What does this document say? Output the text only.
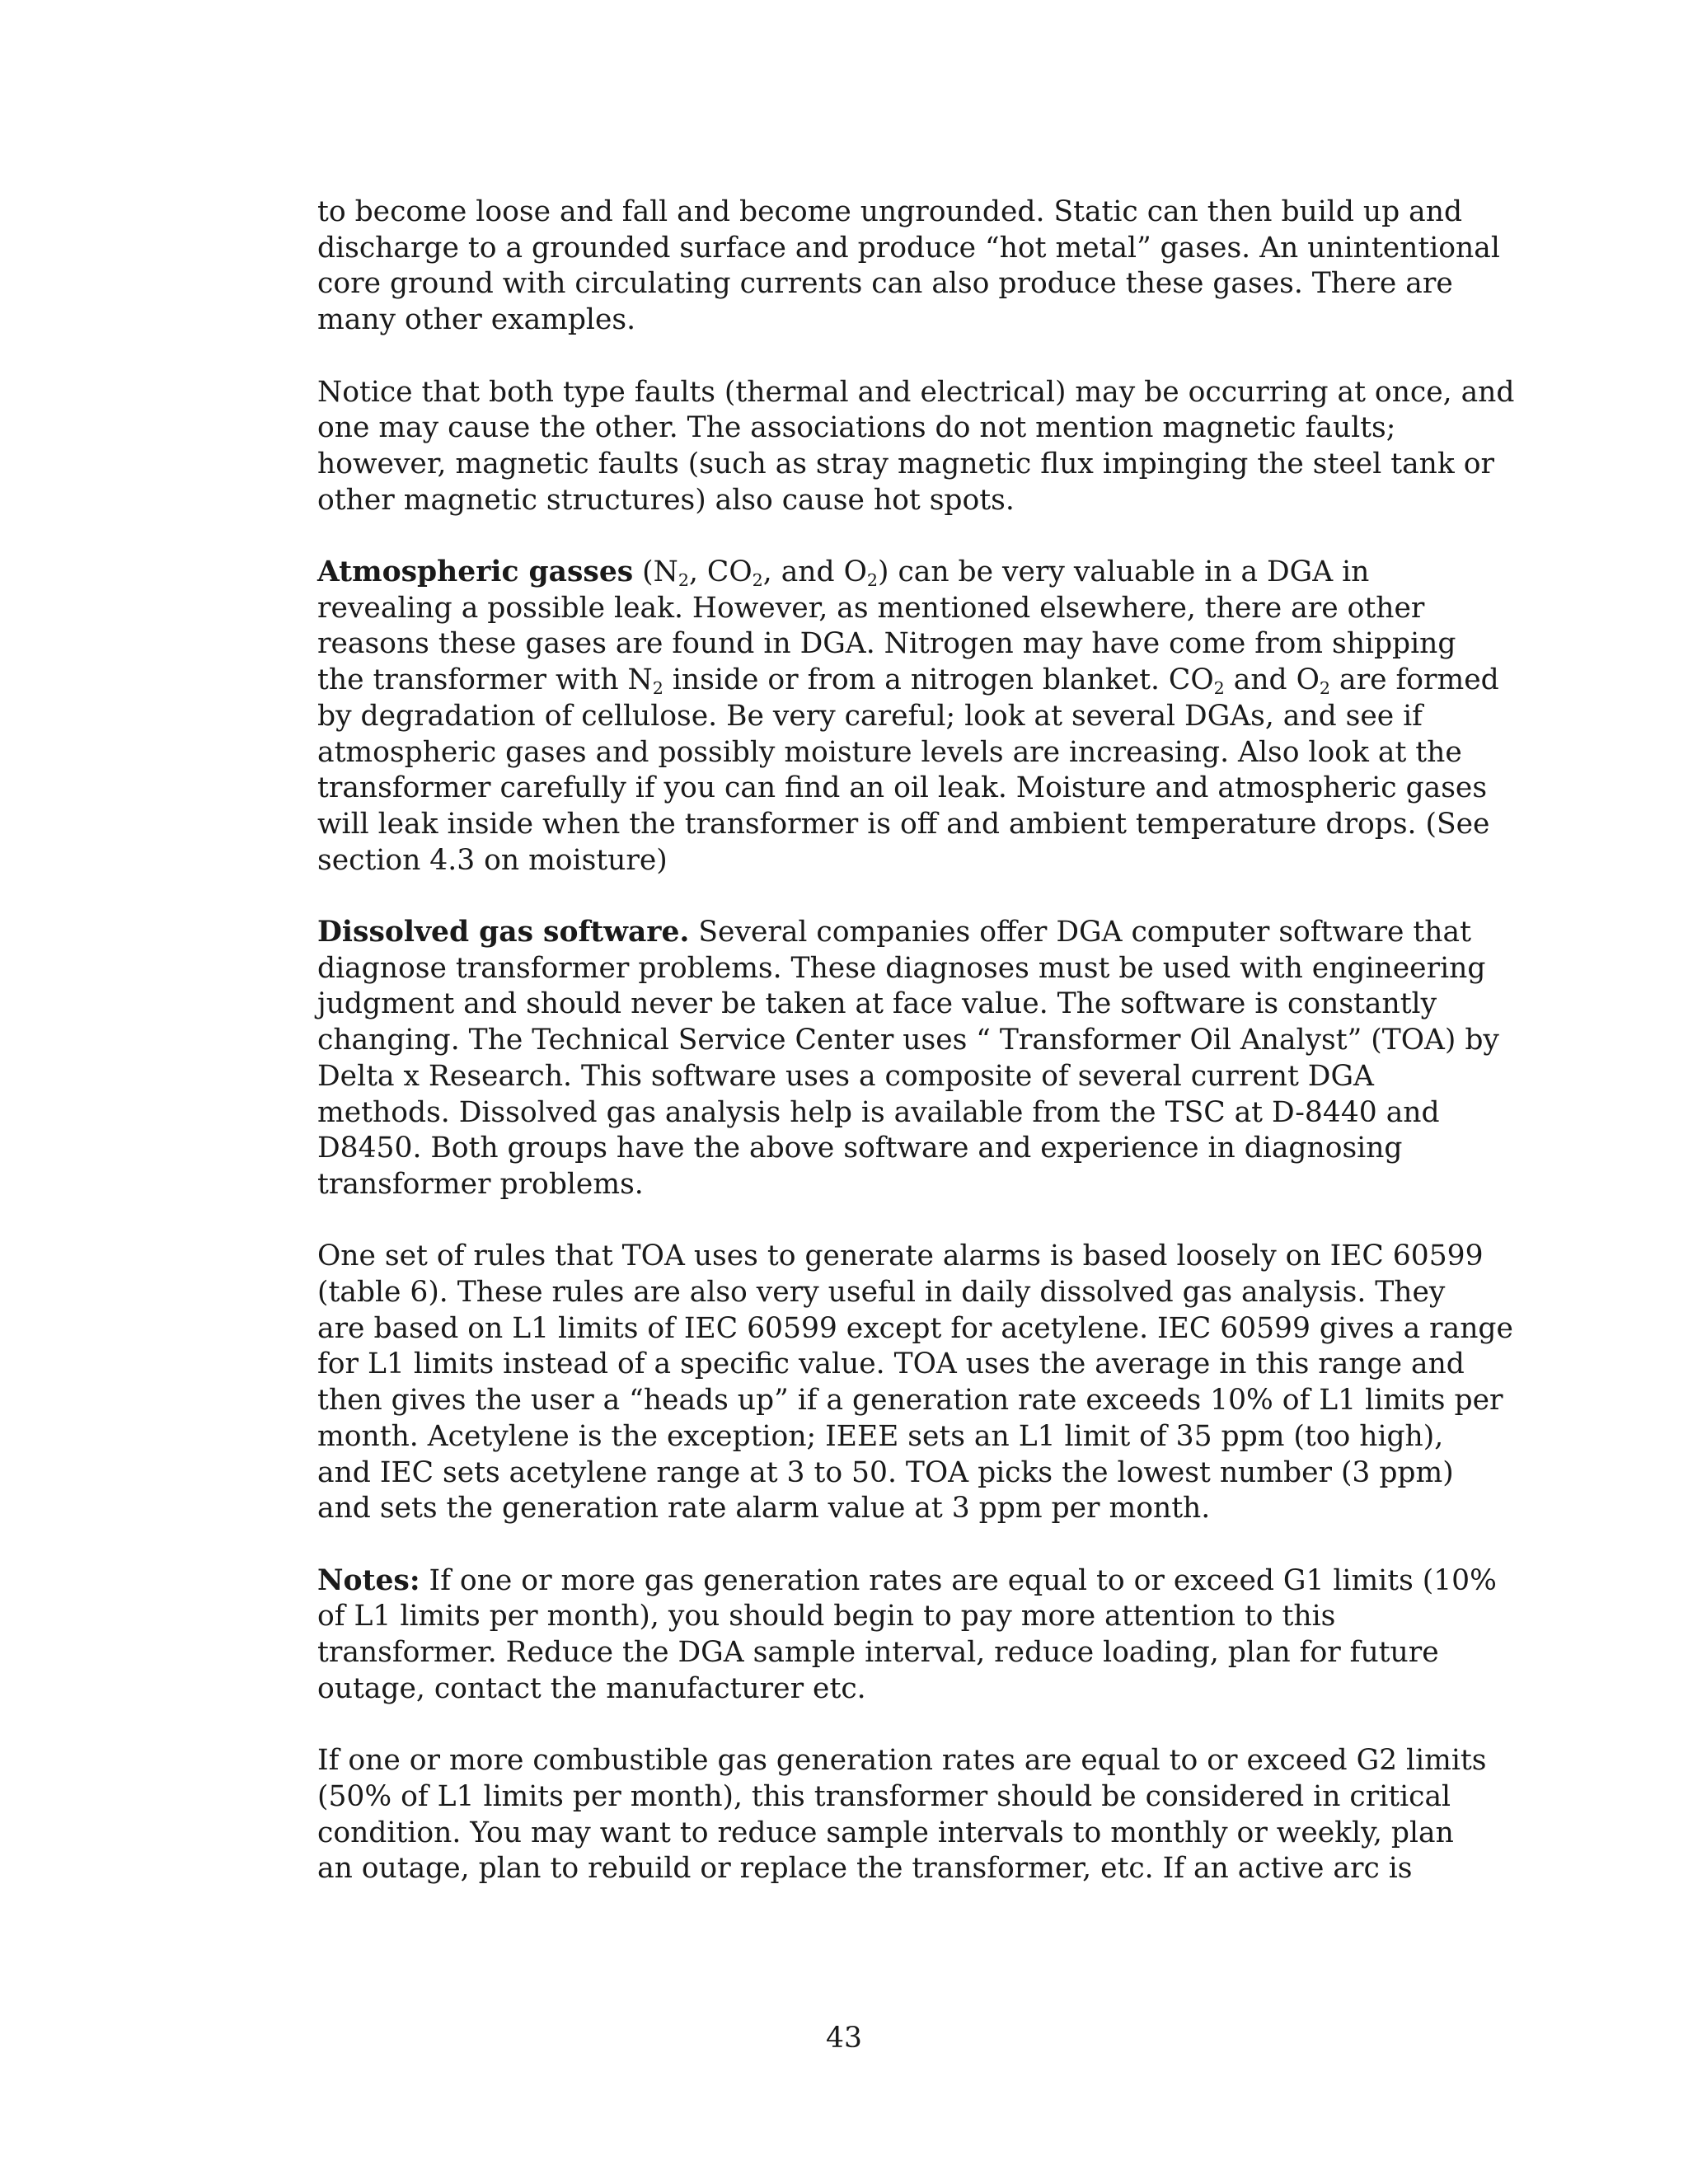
to become loose and fall and become ungrounded. Static can then build up and
discharge to a grounded surface and produce “hot metal” gases. An unintentional
core ground with circulating currents can also produce these gases. There are
many other examples.

Notice that both type faults (thermal and electrical) may be occurring at once, and
one may cause the other. The associations do not mention magnetic faults;
however, magnetic faults (such as stray magnetic flux impinging the steel tank or
other magnetic structures) also cause hot spots.

Atmospheric gasses ($N_2$, $CO_2$, and $O_2$) can be very valuable in a DGA in
revealing a possible leak. However, as mentioned elsewhere, there are other
reasons these gases are found in DGA. Nitrogen may have come from shipping
the transformer with $N_2$ inside or from a nitrogen blanket. $CO_2$ and $O_2$ are formed
by degradation of cellulose. Be very careful; look at several DGAs, and see if
atmospheric gases and possibly moisture levels are increasing. Also look at the
transformer carefully if you can find an oil leak. Moisture and atmospheric gases
will leak inside when the transformer is off and ambient temperature drops. (See
section 4.3 on moisture)

Dissolved gas software. Several companies offer DGA computer software that
diagnose transformer problems. These diagnoses must be used with engineering
judgment and should never be taken at face value. The software is constantly
changing. The Technical Service Center uses “ Transformer Oil Analyst” (TOA) by
Delta x Research. This software uses a composite of several current DGA
methods. Dissolved gas analysis help is available from the TSC at D-8440 and
D8450. Both groups have the above software and experience in diagnosing
transformer problems.

One set of rules that TOA uses to generate alarms is based loosely on IEC 60599
(table 6). These rules are also very useful in daily dissolved gas analysis. They
are based on L1 limits of IEC 60599 except for acetylene. IEC 60599 gives a range
for L1 limits instead of a specific value. TOA uses the average in this range and
then gives the user a “heads up” if a generation rate exceeds 10% of L1 limits per
month. Acetylene is the exception; IEEE sets an L1 limit of 35 ppm (too high),
and IEC sets acetylene range at 3 to 50. TOA picks the lowest number (3 ppm)
and sets the generation rate alarm value at 3 ppm per month.

Notes: If one or more gas generation rates are equal to or exceed G1 limits (10%
of L1 limits per month), you should begin to pay more attention to this
transformer. Reduce the DGA sample interval, reduce loading, plan for future
outage, contact the manufacturer etc.

If one or more combustible gas generation rates are equal to or exceed G2 limits
(50% of L1 limits per month), this transformer should be considered in critical
condition. You may want to reduce sample intervals to monthly or weekly, plan
an outage, plan to rebuild or replace the transformer, etc. If an active arc is

43
